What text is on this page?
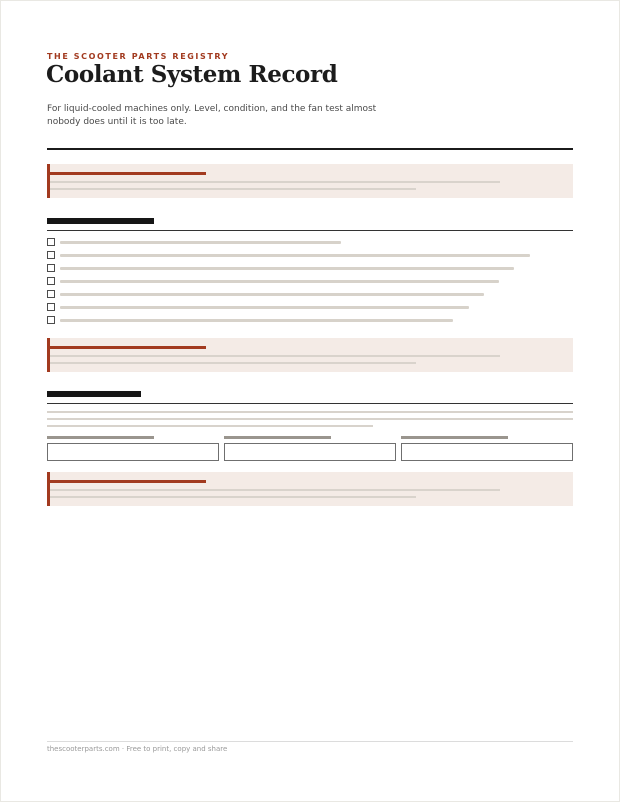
THE SCOOTER PARTS REGISTRY
Coolant System Record

For liquid-cooled machines only. Level, condition, and the fan test almost nobody does until it is too late.

thescooterparts.com · Free to print, copy and share
